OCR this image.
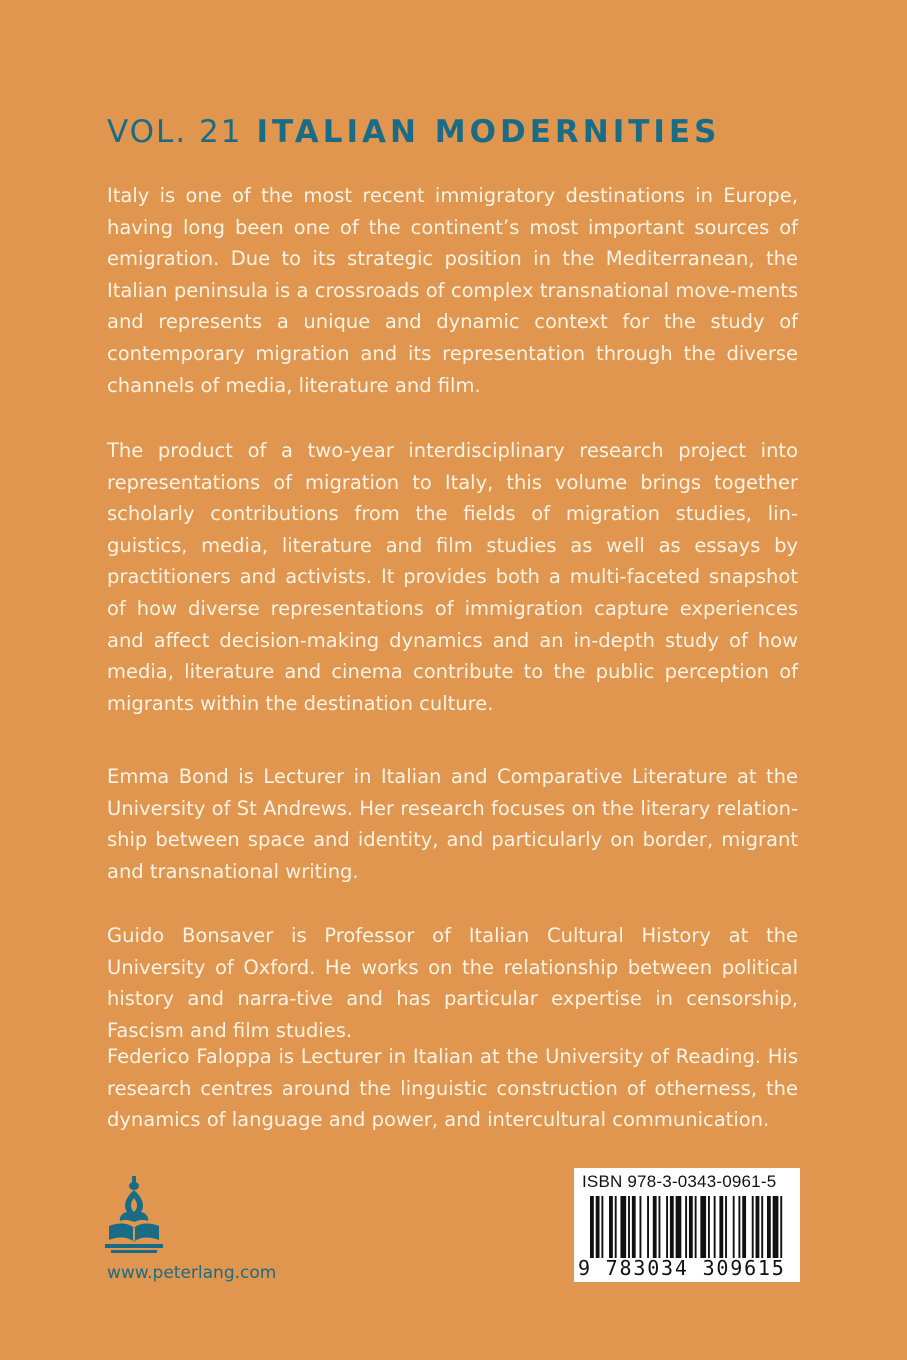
VOL. 21 ITALIAN MODERNITIES

Italy is one of the most recent immigratory destinations in Europe, having long been one of the continent’s most important sources of emigration. Due to its strategic position in the Mediterranean, the Italian peninsula is a crossroads of complex transnational move-ments and represents a unique and dynamic context for the study of contemporary migration and its representation through the diverse channels of media, literature and film.

The product of a two-year interdisciplinary research project into representations of migration to Italy, this volume brings together scholarly contributions from the fields of migration studies, lin-guistics, media, literature and film studies as well as essays by practitioners and activists. It provides both a multi-faceted snapshot of how diverse representations of immigration capture experiences and affect decision-making dynamics and an in-depth study of how media, literature and cinema contribute to the public perception of migrants within the destination culture.

Emma Bond is Lecturer in Italian and Comparative Literature at the University of St Andrews. Her research focuses on the literary relation-ship between space and identity, and particularly on border, migrant and transnational writing.

Guido Bonsaver is Professor of Italian Cultural History at the University of Oxford. He works on the relationship between political history and narra-tive and has particular expertise in censorship, Fascism and film studies.

Federico Faloppa is Lecturer in Italian at the University of Reading. His research centres around the linguistic construction of otherness, the dynamics of language and power, and intercultural communication.

www.peterlang.com
ISBN 978-3-0343-0961-5
9 783034 309615
